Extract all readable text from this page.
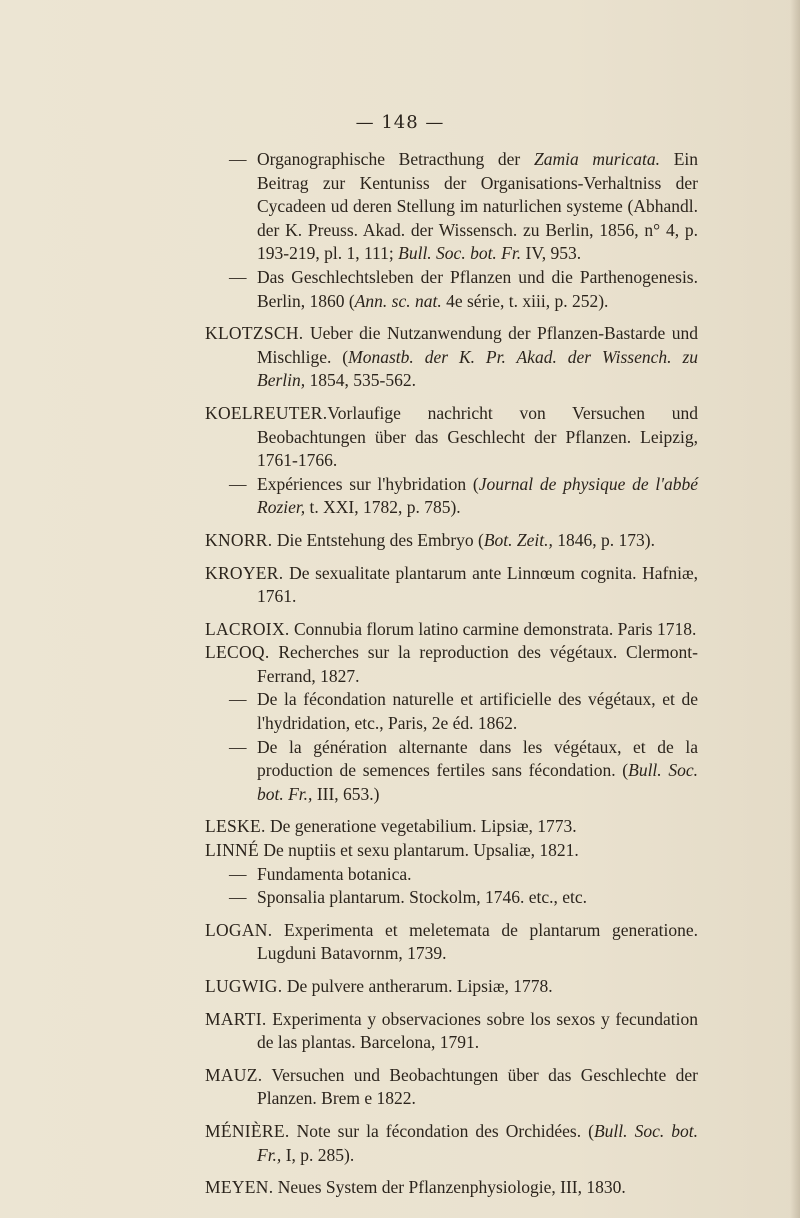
— 148 —

— Organographische Betracthung der Zamia muricata. Ein Beitrag zur Kentuniss der Organisations-Verhaltniss der Cycadeen ud deren Stellung im naturlichen systeme (Abhandl. der K. Preuss. Akad. der Wissensch. zu Berlin, 1856, n° 4, p. 193-219, pl. 1, 111; Bull. Soc. bot. Fr. IV, 953.

— Das Geschlechtsleben der Pflanzen und die Parthenogenesis. Berlin, 1860 (Ann. sc. nat. 4e série, t. xiii, p. 252).

KLOTZSCH. Ueber die Nutzanwendung der Pflanzen-Bastarde und Mischlige. (Monastb. der K. Pr. Akad. der Wissench. zu Berlin, 1854, 535-562.

KOELREUTER.Vorlaufige nachricht von Versuchen und Beobachtungen über das Geschlecht der Pflanzen. Leipzig, 1761-1766.

— Expériences sur l'hybridation (Journal de physique de l'abbé Rozier, t. XXI, 1782, p. 785).

KNORR. Die Entstehung des Embryo (Bot. Zeit., 1846, p. 173).

KROYER. De sexualitate plantarum ante Linnœum cognita. Hafniæ, 1761.

LACROIX. Connubia florum latino carmine demonstrata. Paris 1718.

LECOQ. Recherches sur la reproduction des végétaux. Clermont-Ferrand, 1827.

— De la fécondation naturelle et artificielle des végétaux, et de l'hydridation, etc., Paris, 2e éd. 1862.

— De la génération alternante dans les végétaux, et de la production de semences fertiles sans fécondation. (Bull. Soc. bot. Fr., III, 653.)

LESKE. De generatione vegetabilium. Lipsiæ, 1773.

LINNÉ De nuptiis et sexu plantarum. Upsaliæ, 1821.

— Fundamenta botanica.

— Sponsalia plantarum. Stockolm, 1746. etc., etc.

LOGAN. Experimenta et meletemata de plantarum generatione. Lugduni Batavornm, 1739.

LUGWIG. De pulvere antherarum. Lipsiæ, 1778.

MARTI. Experimenta y observaciones sobre los sexos y fecundation de las plantas. Barcelona, 1791.

MAUZ. Versuchen und Beobachtungen über das Geschlechte der Planzen. Brem e 1822.

MÉNIÈRE. Note sur la fécondation des Orchidées. (Bull. Soc. bot. Fr., I, p. 285).

MEYEN. Neues System der Pflanzenphysiologie, III, 1830.
